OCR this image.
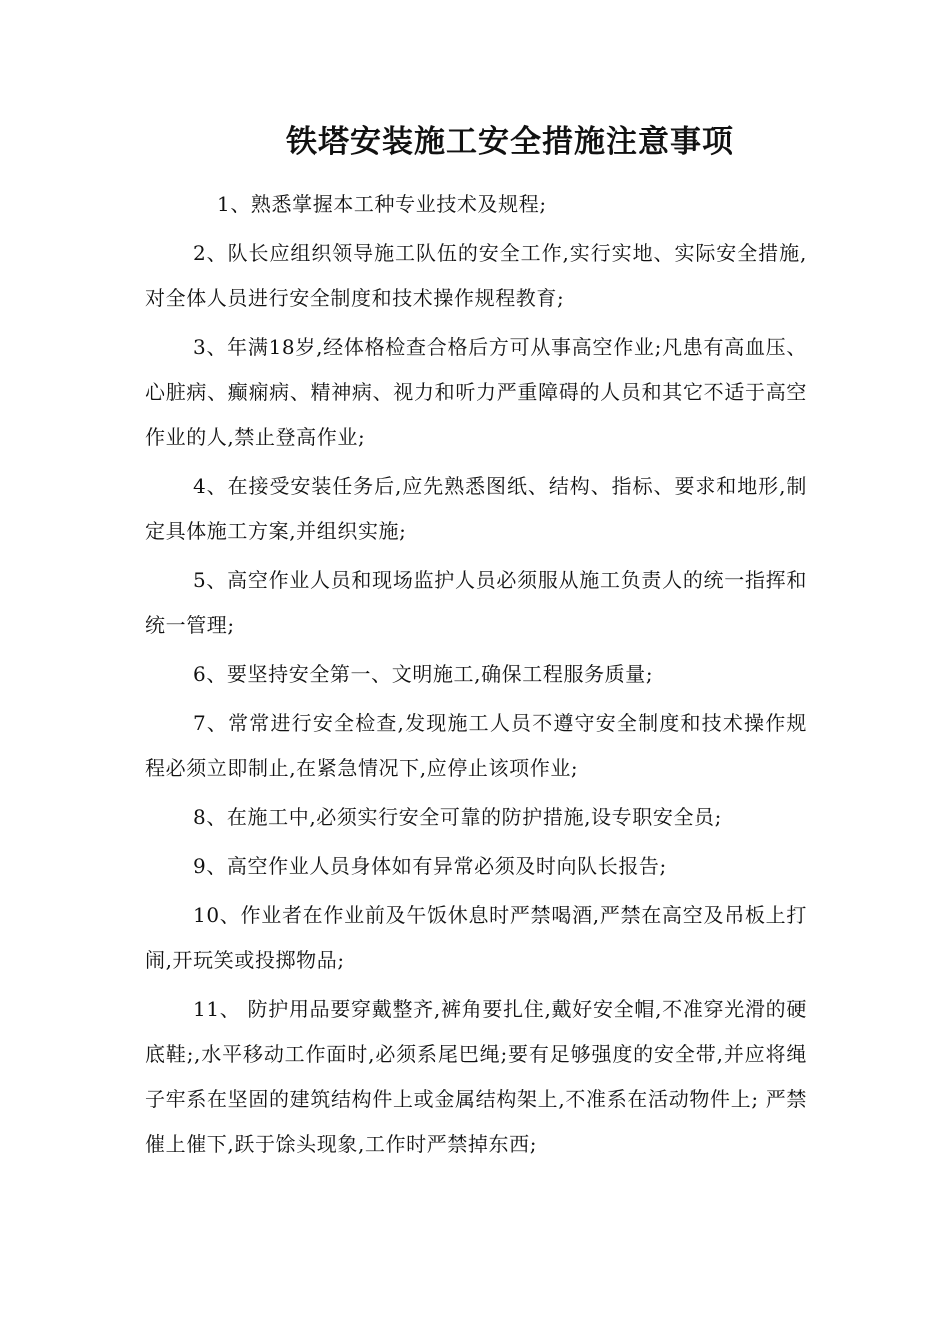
铁塔安装施工安全措施注意事项

1、熟悉掌握本工种专业技术及规程;

2、队长应组织领导施工队伍的安全工作,实行实地、实际安全措施,对全体人员进行安全制度和技术操作规程教育;

3、年满18岁,经体格检查合格后方可从事高空作业;凡患有高血压、心脏病、癫痫病、精神病、视力和听力严重障碍的人员和其它不适于高空作业的人,禁止登高作业;

4、在接受安装任务后,应先熟悉图纸、结构、指标、要求和地形,制定具体施工方案,并组织实施;

5、高空作业人员和现场监护人员必须服从施工负责人的统一指挥和统一管理;

6、要坚持安全第一、文明施工,确保工程服务质量;

7、常常进行安全检查,发现施工人员不遵守安全制度和技术操作规程必须立即制止,在紧急情况下,应停止该项作业;

8、在施工中,必须实行安全可靠的防护措施,设专职安全员;

9、高空作业人员身体如有异常必须及时向队长报告;

10、作业者在作业前及午饭休息时严禁喝酒,严禁在高空及吊板上打闹,开玩笑或投掷物品;

11、 防护用品要穿戴整齐,裤角要扎住,戴好安全帽,不准穿光滑的硬底鞋;,水平移动工作面时,必须系尾巴绳;要有足够强度的安全带,并应将绳子牢系在坚固的建筑结构件上或金属结构架上,不准系在活动物件上; 严禁催上催下,跃于馀头现象,工作时严禁掉东西;
